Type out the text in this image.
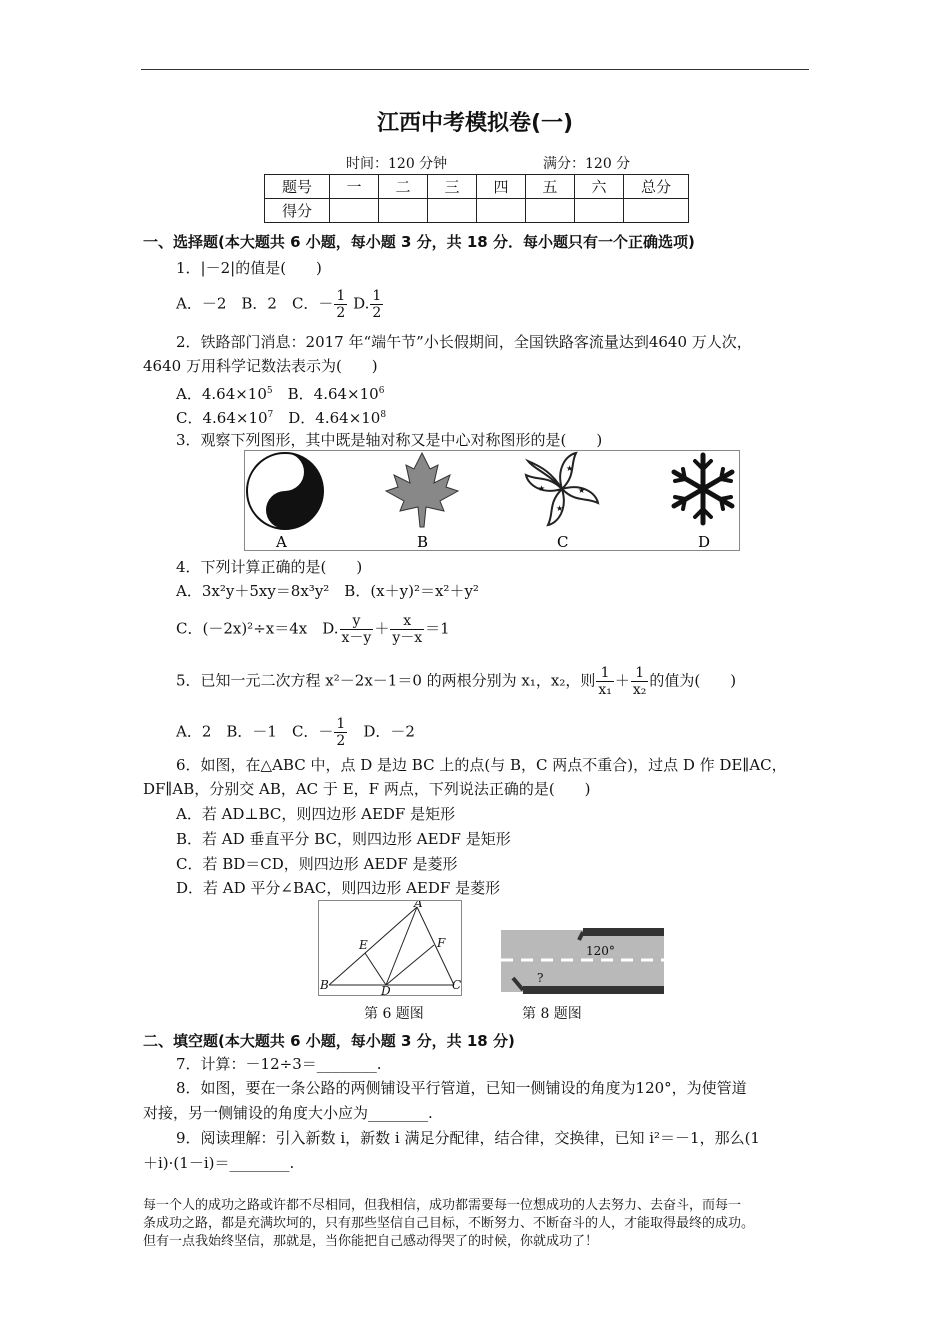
江西中考模拟卷(一)
时间：120 分钟	满分：120 分
题号	一	二	三	四	五	六	总分
得分							
一、选择题(本大题共 6 小题，每小题 3 分，共 18 分．每小题只有一个正确选项)
1．|－2|的值是(　　)
A．－2　B．2　C．－ $\frac{1}{2} D$. $\frac{1}{2}$
2．铁路部门消息：2017 年“端午节”小长假期间，全国铁路客流量达到4640 万人次，
4640 万用科学记数法表示为(　　)
A．$4.64\times 10^5$　B．$4.64\times 10^6$
C．$4.64\times 10^7$　D．$4.64\times 10^8$
3．观察下列图形，其中既是轴对称又是中心对称图形的是(　　)
★
★
★
★
A	B	C	D
4．下列计算正确的是(　　)
A．3x²y＋5xy＝8x³y²　B．(x＋y)²＝x²＋y²
C．(－2x)²÷x＝4x　D. $\frac{y}{x-y} + \frac{x}{y-x} =1$
5．已知一元二次方程 x²－2x－1＝0 的两根分别为 x₁，x₂，则 $\frac{1}{\text{x₁}} + \frac{1}{\text{x₂}}$ 的值为(　　)
A．2　B．－1　C．－ $\frac{1}{2}$ 　D．－2
6．如图，在△ABC 中，点 D 是边 BC 上的点(与 B，C 两点不重合)，过点 D 作 DE∥AC，
DF∥AB，分别交 AB，AC 于 E，F 两点，下列说法正确的是(　　)
A．若 AD⊥BC，则四边形 AEDF 是矩形
B．若 AD 垂直平分 BC，则四边形 AEDF 是矩形
C．若 BD＝CD，则四边形 AEDF 是菱形
D．若 AD 平分∠BAC，则四边形 AEDF 是菱形
A
B	C
D
E	F
第 6 题图
120°
?
第 8 题图
二、填空题(本大题共 6 小题，每小题 3 分，共 18 分)
7．计算：－12÷3＝________.
8．如图，要在一条公路的两侧铺设平行管道，已知一侧铺设的角度为120°，为使管道
对接，另一侧铺设的角度大小应为________.
9．阅读理解：引入新数 i，新数 i 满足分配律，结合律，交换律，已知 i²＝－1，那么(1
＋i)·(1－i)＝________.
每一个人的成功之路或许都不尽相同，但我相信，成功都需要每一位想成功的人去努力、去奋斗，而每一
条成功之路，都是充满坎坷的，只有那些坚信自己目标，不断努力、不断奋斗的人，才能取得最终的成功。
但有一点我始终坚信，那就是，当你能把自己感动得哭了的时候，你就成功了！
